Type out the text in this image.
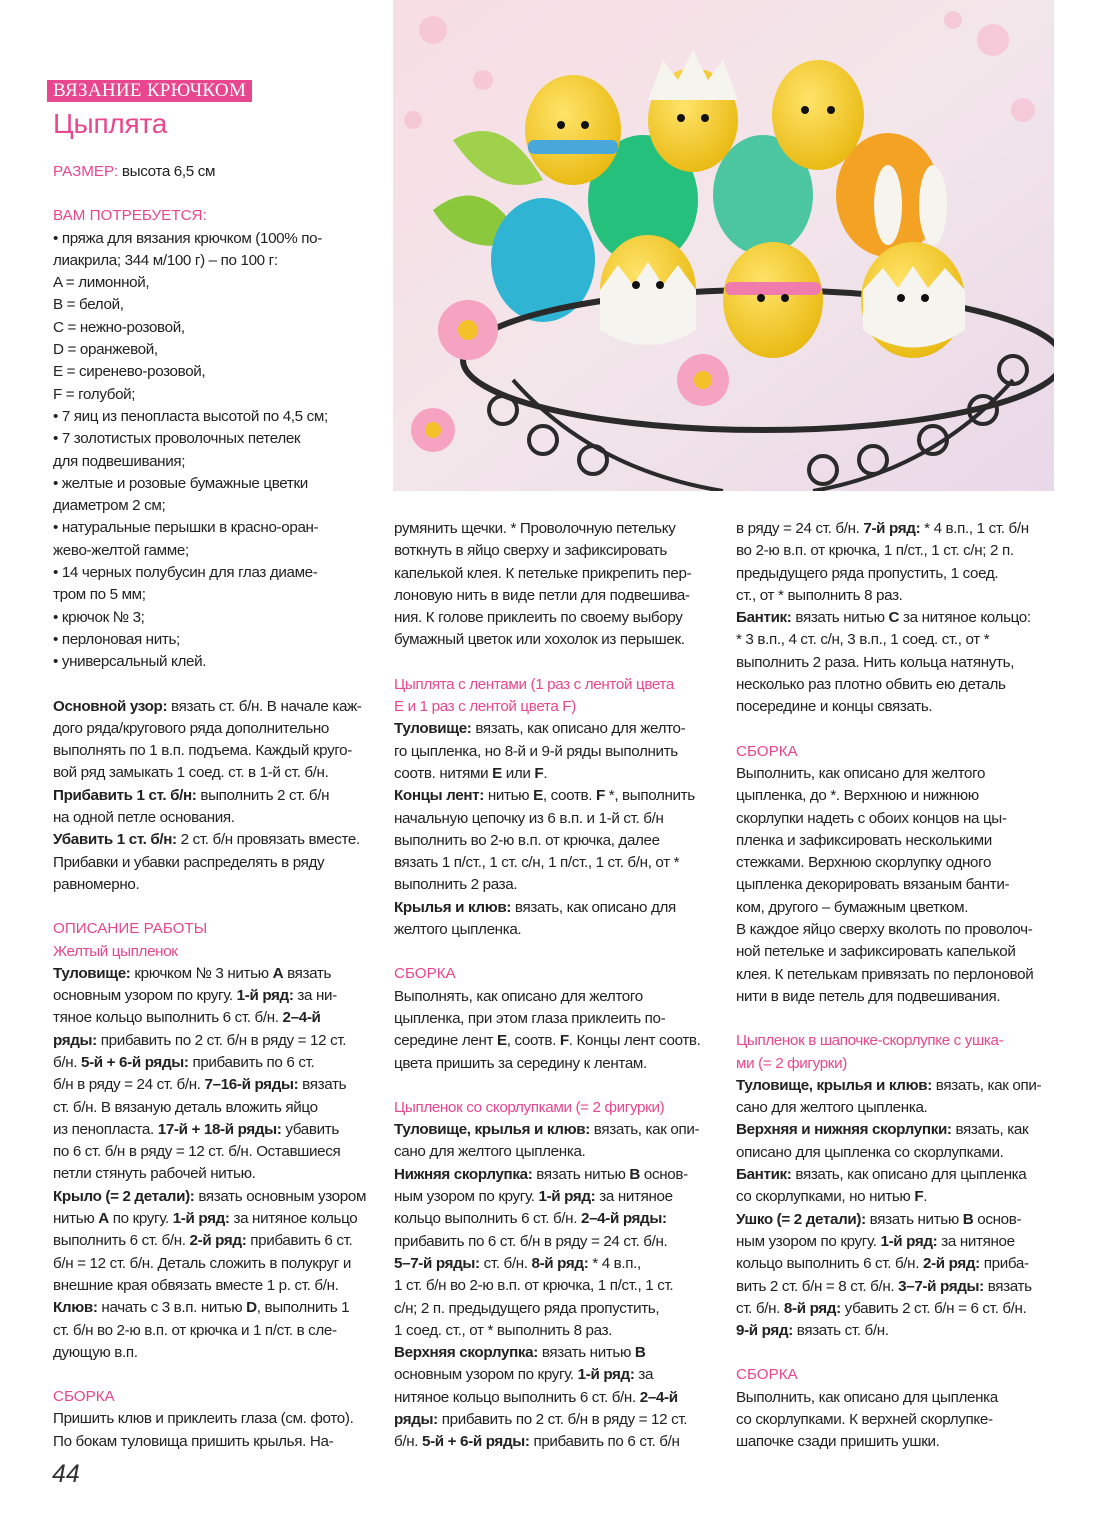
ВЯЗАНИЕ КРЮЧКОМ
Цыплята

РАЗМЕР: высота 6,5 см

ВАМ ПОТРЕБУЕТСЯ:

• пряжа для вязания крючком (100% по-

лиакрила; 344 м/100 г) – по 100 г:

A = лимонной,

B = белой,

C = нежно-розовой,

D = оранжевой,

E = сиренево-розовой,

F = голубой;

• 7 яиц из пенопласта высотой по 4,5 см;

• 7 золотистых проволочных петелек

для подвешивания;

• желтые и розовые бумажные цветки

диаметром 2 см;

• натуральные перышки в красно-оран-

жево-желтой гамме;

• 14 черных полубусин для глаз диаме-

тром по 5 мм;

• крючок № 3;

• перлоновая нить;

• универсальный клей.

Основной узор: вязать ст. б/н. В начале каж-

дого ряда/кругового ряда дополнительно

выполнять по 1 в.п. подъема. Каждый круго-

вой ряд замыкать 1 соед. ст. в 1-й ст. б/н.

Прибавить 1 ст. б/н: выполнить 2 ст. б/н

на одной петле основания.

Убавить 1 ст. б/н: 2 ст. б/н провязать вместе.

Прибавки и убавки распределять в ряду

равномерно.

ОПИСАНИЕ РАБОТЫ

Желтый цыпленок

Туловище: крючком № 3 нитью A вязать

основным узором по кругу. 1-й ряд: за ни-

тяное кольцо выполнить 6 ст. б/н. 2–4-й

ряды: прибавить по 2 ст. б/н в ряду = 12 ст.

б/н. 5-й + 6-й ряды: прибавить по 6 ст.

б/н в ряду = 24 ст. б/н. 7–16-й ряды: вязать

ст. б/н. В вязаную деталь вложить яйцо

из пенопласта. 17-й + 18-й ряды: убавить

по 6 ст. б/н в ряду = 12 ст. б/н. Оставшиеся

петли стянуть рабочей нитью.

Крыло (= 2 детали): вязать основным узором

нитью A по кругу. 1-й ряд: за нитяное кольцо

выполнить 6 ст. б/н. 2-й ряд: прибавить 6 ст.

б/н = 12 ст. б/н. Деталь сложить в полукруг и

внешние края обвязать вместе 1 р. ст. б/н.

Клюв: начать с 3 в.п. нитью D, выполнить 1

ст. б/н во 2-ю в.п. от крючка и 1 п/ст. в сле-

дующую в.п.

СБОРКА

Пришить клюв и приклеить глаза (см. фото).

По бокам туловища пришить крылья. На-

румянить щечки. * Проволочную петельку

воткнуть в яйцо сверху и зафиксировать

капелькой клея. К петельке прикрепить пер-

лоновую нить в виде петли для подвешива-

ния. К голове приклеить по своему выбору

бумажный цветок или хохолок из перышек.

Цыплята с лентами (1 раз с лентой цвета

E и 1 раз с лентой цвета F)

Туловище: вязать, как описано для желто-

го цыпленка, но 8-й и 9-й ряды выполнить

соотв. нитями E или F.

Концы лент: нитью E, соотв. F *, выполнить

начальную цепочку из 6 в.п. и 1-й ст. б/н

выполнить во 2-ю в.п. от крючка, далее

вязать 1 п/ст., 1 ст. с/н, 1 п/ст., 1 ст. б/н, от *

выполнить 2 раза.

Крылья и клюв: вязать, как описано для

желтого цыпленка.

СБОРКА

Выполнять, как описано для желтого

цыпленка, при этом глаза приклеить по-

середине лент E, соотв. F. Концы лент соотв.

цвета пришить за середину к лентам.

Цыпленок со скорлупками (= 2 фигурки)

Туловище, крылья и клюв: вязать, как опи-

сано для желтого цыпленка.

Нижняя скорлупка: вязать нитью B основ-

ным узором по кругу. 1-й ряд: за нитяное

кольцо выполнить 6 ст. б/н. 2–4-й ряды:

прибавить по 6 ст. б/н в ряду = 24 ст. б/н.

5–7-й ряды: ст. б/н. 8-й ряд: * 4 в.п.,

1 ст. б/н во 2-ю в.п. от крючка, 1 п/ст., 1 ст.

с/н; 2 п. предыдущего ряда пропустить,

1 соед. ст., от * выполнить 8 раз.

Верхняя скорлупка: вязать нитью B

основным узором по кругу. 1-й ряд: за

нитяное кольцо выполнить 6 ст. б/н. 2–4-й

ряды: прибавить по 2 ст. б/н в ряду = 12 ст.

б/н. 5-й + 6-й ряды: прибавить по 6 ст. б/н

в ряду = 24 ст. б/н. 7-й ряд: * 4 в.п., 1 ст. б/н

во 2-ю в.п. от крючка, 1 п/ст., 1 ст. с/н; 2 п.

предыдущего ряда пропустить, 1 соед.

ст., от * выполнить 8 раз.

Бантик: вязать нитью C за нитяное кольцо:

* 3 в.п., 4 ст. с/н, 3 в.п., 1 соед. ст., от *

выполнить 2 раза. Нить кольца натянуть,

несколько раз плотно обвить ею деталь

посередине и концы связать.

СБОРКА

Выполнить, как описано для желтого

цыпленка, до *. Верхнюю и нижнюю

скорлупки надеть с обоих концов на цы-

пленка и зафиксировать несколькими

стежками. Верхнюю скорлупку одного

цыпленка декорировать вязаным банти-

ком, другого – бумажным цветком.

В каждое яйцо сверху вколоть по проволоч-

ной петельке и зафиксировать капелькой

клея. К петелькам привязать по перлоновой

нити в виде петель для подвешивания.

Цыпленок в шапочке-скорлупке с ушка-

ми (= 2 фигурки)

Туловище, крылья и клюв: вязать, как опи-

сано для желтого цыпленка.

Верхняя и нижняя скорлупки: вязать, как

описано для цыпленка со скорлупками.

Бантик: вязать, как описано для цыпленка

со скорлупками, но нитью F.

Ушко (= 2 детали): вязать нитью B основ-

ным узором по кругу. 1-й ряд: за нитяное

кольцо выполнить 6 ст. б/н. 2-й ряд: приба-

вить 2 ст. б/н = 8 ст. б/н. 3–7-й ряды: вязать

ст. б/н. 8-й ряд: убавить 2 ст. б/н = 6 ст. б/н.

9-й ряд: вязать ст. б/н.

СБОРКА

Выполнить, как описано для цыпленка

со скорлупками. К верхней скорлупке-

шапочке сзади пришить ушки.

44
